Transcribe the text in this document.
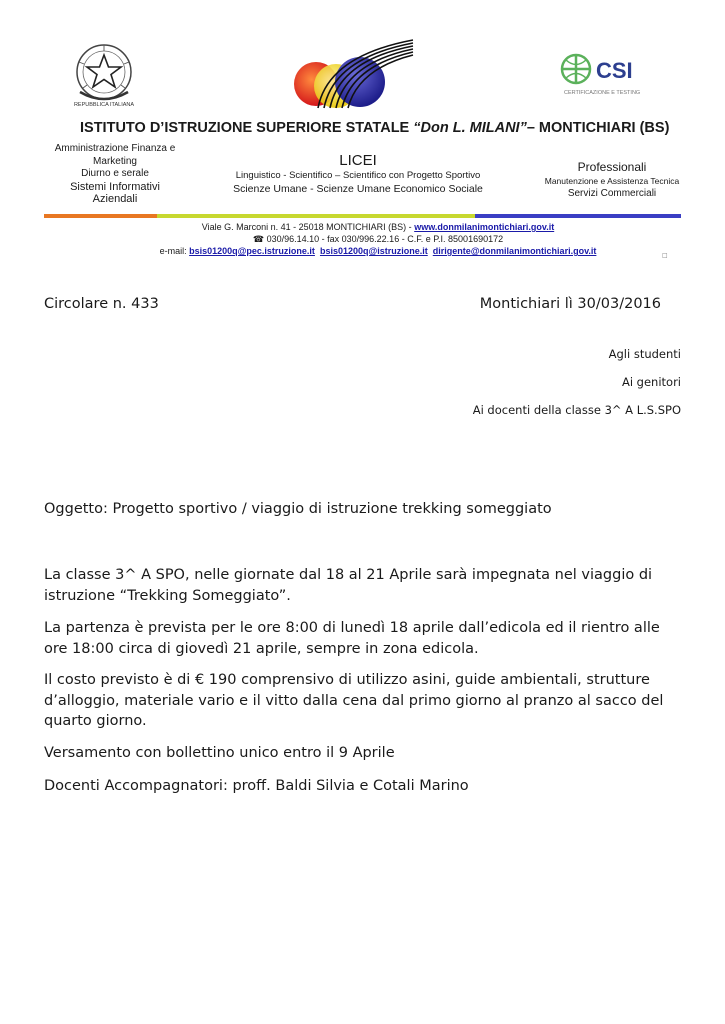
REPUBBLICA ITALIANA
CSI
CERTIFICAZIONE E TESTING
ISTITUTO D’ISTRUZIONE SUPERIORE STATALE “Don L. MILANI”– MONTICHIARI (BS)
Amministrazione Finanza e
Marketing
Diurno e serale
Sistemi Informativi
Aziendali
LICEI
Linguistico - Scientifico – Scientifico con Progetto Sportivo
Scienze Umane - Scienze Umane Economico Sociale
Professionali
Manutenzione e Assistenza Tecnica
Servizi Commerciali
Viale G. Marconi n. 41 - 25018 MONTICHIARI (BS) - www.donmilanimontichiari.gov.it
☎ 030/96.14.10 - fax 030/996.22.16 - C.F. e P.I. 85001690172
e-mail: bsis01200q@pec.istruzione.it bsis01200q@istruzione.it dirigente@donmilanimontichiari.gov.it	□
Circolare n. 433	Montichiari lì 30/03/2016
Agli studenti
Ai genitori
Ai docenti della classe 3^ A L.S.SPO
Oggetto: Progetto sportivo / viaggio di istruzione trekking someggiato
La classe 3^ A SPO, nelle giornate dal 18 al 21 Aprile sarà impegnata nel viaggio di istruzione “Trekking Someggiato”.
La partenza è prevista per le ore 8:00 di lunedì 18 aprile dall’edicola ed il rientro alle ore 18:00 circa di giovedì 21 aprile, sempre in zona edicola.
Il costo previsto è di € 190 comprensivo di utilizzo asini, guide ambientali, strutture d’alloggio, materiale vario e il vitto dalla cena dal primo giorno al pranzo al sacco del quarto giorno.
Versamento con bollettino unico entro il 9 Aprile
Docenti Accompagnatori: proff. Baldi Silvia e Cotali Marino
